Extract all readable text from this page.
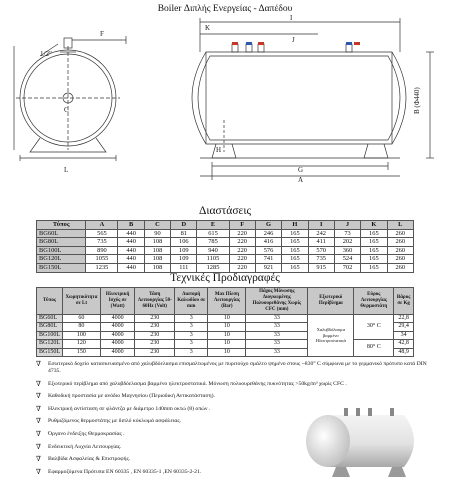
Boiler Διπλής Ενεργείας - Δαπέδου
1/2"
F
K
J
B (Φ440)
C
L
H
G
A
I
Διαστάσεις
Τύπος	A	B	C	D	E	F	G	H	I	J	K	L
BG60L	565	440	90	81	615	220	246	165	242	73	165	260
BG80L	735	440	108	106	785	220	416	165	411	202	165	260
BG100L	890	440	108	109	940	220	576	165	570	360	165	260
BG120L	1055	440	108	109	1105	220	741	165	735	524	165	260
BG150L	1235	440	108	111	1285	220	921	165	915	702	165	260
Τεχνικές Προδιαγραφές
Τύπος	Χωρητικότητα σε Lt	Ηλεκτρική Ισχύς σε (Watt)	Τάση Λειτουργίας 50-60Hz (Volt)	Διατομή Καλωδίου σε mm	Max Πίεση Λειτουργίας (Bar)	Πάχος Μόνωσης Διογκωμένης Πολυουρεθάνης Χωρίς CFC (mm)	Εξωτερικό Περίβλημα	Εύρος Λειτουργίας Θερμοστάτη	Βάρος σε Kg
BG60L	60	4000	230	3	10	33	Χαλυβδόλασμα βαμμένο Ηλεκτροστατικά	30° C	22,8
BG80L	80	4000	230	3	10	33			29,4
BG100L	100	4000	230	3	10	33			34
BG120L	120	4000	230	3	10	33		80° C	42,8
BG150L	150	4000	230	3	10	33			48,9
∇ Εσωτερικό δοχείο κατασκευασμένο από χαλυβδόελασμα επισμαλτωμένος με πυριτούχο σμάλτο ψημένο στους ~830° C σύμφωνα με το γερμανικό πρότυπο κατά DIN 4735.
∇ Εξωτερικό περίβλημα από χαλυβδόελασμα βαμμένο ηλεκτροστατικά. Μόνωση πολυουρεθάνης πυκνότητας >50kg/m³ χωρίς CFC .
∇ Καθοδική προστασία με ανόδιο Μαγνησίου (Περιοδική Αντικατάσταση).
∇ Ηλεκτρική αντίσταση σε φλάντζα με διάμετρο 140mm οκτώ (8) οπών .
∇ Ρυθμιζόμενος θερμοστάτης με διπλό κύκλωμά ασφάλειας.
∇ Όργανο ένδειξης Θερμοκρασίας .
∇ Ενδεικτική Λυχνία Λειτουργίας.
∇ Βαλβίδα Ασφαλείας & Επιστροφής.
∇ Εφαρμοζόμενα Πρότυπα EN 60335 , EN 60335-1 ,EN 60335-2-21.
